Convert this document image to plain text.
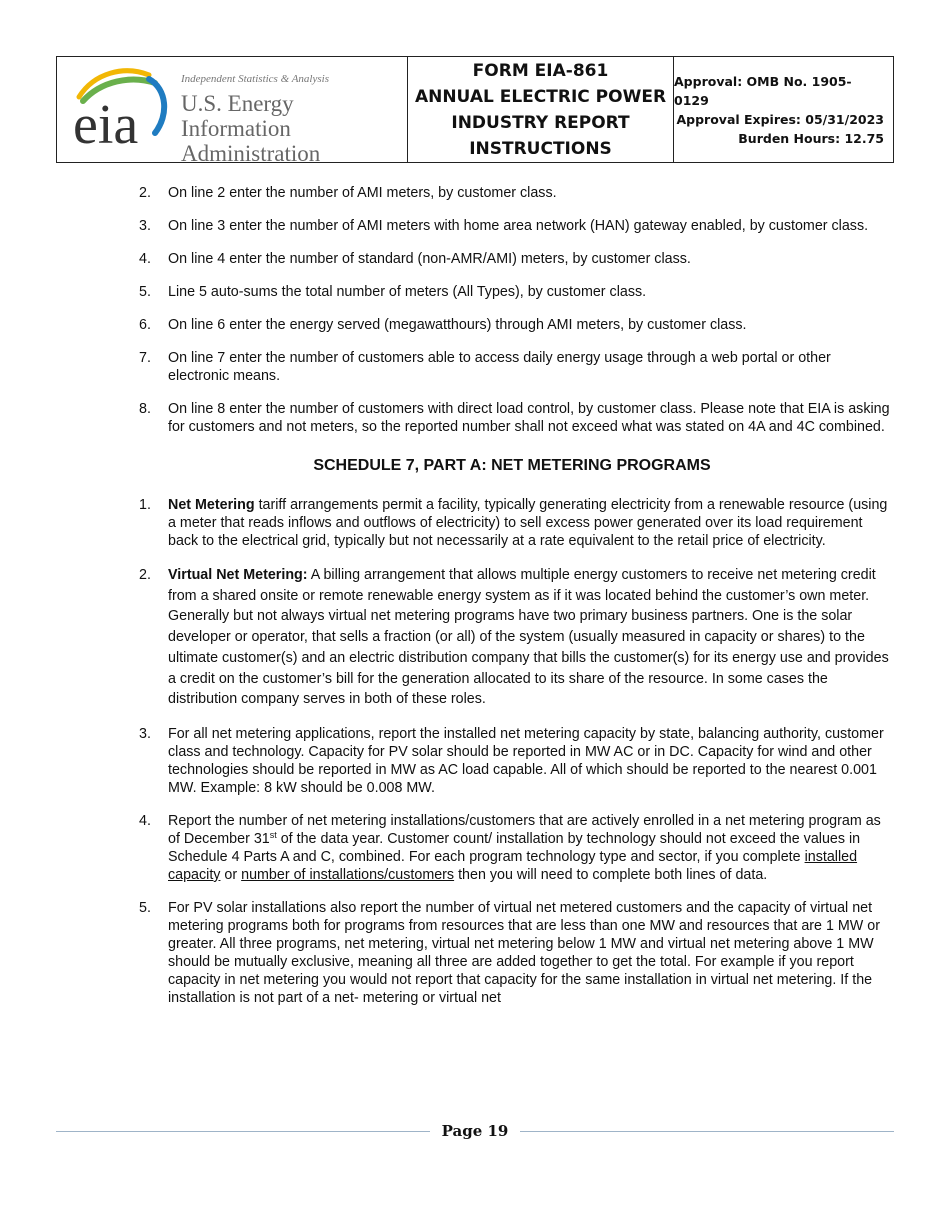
eia
Independent Statistics & Analysis
U.S. Energy Information
Administration
FORM EIA-861
ANNUAL ELECTRIC POWER
INDUSTRY REPORT
INSTRUCTIONS
Approval: OMB No. 1905-0129
Approval Expires: 05/31/2023
Burden Hours: 12.75
2. On line 2 enter the number of AMI meters, by customer class.
3. On line 3 enter the number of AMI meters with home area network (HAN) gateway enabled, by customer class.
4. On line 4 enter the number of standard (non-AMR/AMI) meters, by customer class.
5. Line 5 auto-sums the total number of meters (All Types), by customer class.
6. On line 6 enter the energy served (megawatthours) through AMI meters, by customer class.
7. On line 7 enter the number of customers able to access daily energy usage through a web portal or other electronic means.
8. On line 8 enter the number of customers with direct load control, by customer class. Please note that EIA is asking for customers and not meters, so the reported number shall not exceed what was stated on 4A and 4C combined.
SCHEDULE 7, PART A: NET METERING PROGRAMS
1. Net Metering tariff arrangements permit a facility, typically generating electricity from a renewable resource (using a meter that reads inflows and outflows of electricity) to sell excess power generated over its load requirement back to the electrical grid, typically but not necessarily at a rate equivalent to the retail price of electricity.
2. Virtual Net Metering: A billing arrangement that allows multiple energy customers to receive net metering credit from a shared onsite or remote renewable energy system as if it was located behind the customer’s own meter. Generally but not always virtual net metering programs have two primary business partners. One is the solar developer or operator, that sells a fraction (or all) of the system (usually measured in capacity or shares) to the ultimate customer(s) and an electric distribution company that bills the customer(s) for its energy use and provides a credit on the customer’s bill for the generation allocated to its share of the resource. In some cases the distribution company serves in both of these roles.
3. For all net metering applications, report the installed net metering capacity by state, balancing authority, customer class and technology. Capacity for PV solar should be reported in MW AC or in DC. Capacity for wind and other technologies should be reported in MW as AC load capable. All of which should be reported to the nearest 0.001 MW. Example: 8 kW should be 0.008 MW.
4. Report the number of net metering installations/customers that are actively enrolled in a net metering program as of December 31st of the data year. Customer count/ installation by technology should not exceed the values in Schedule 4 Parts A and C, combined. For each program technology type and sector, if you complete installed capacity or number of installations/customers then you will need to complete both lines of data.
5. For PV solar installations also report the number of virtual net metered customers and the capacity of virtual net metering programs both for programs from resources that are less than one MW and resources that are 1 MW or greater. All three programs, net metering, virtual net metering below 1 MW and virtual net metering above 1 MW should be mutually exclusive, meaning all three are added together to get the total. For example if you report capacity in net metering you would not report that capacity for the same installation in virtual net metering. If the installation is not part of a net- metering or virtual net
Page 19
